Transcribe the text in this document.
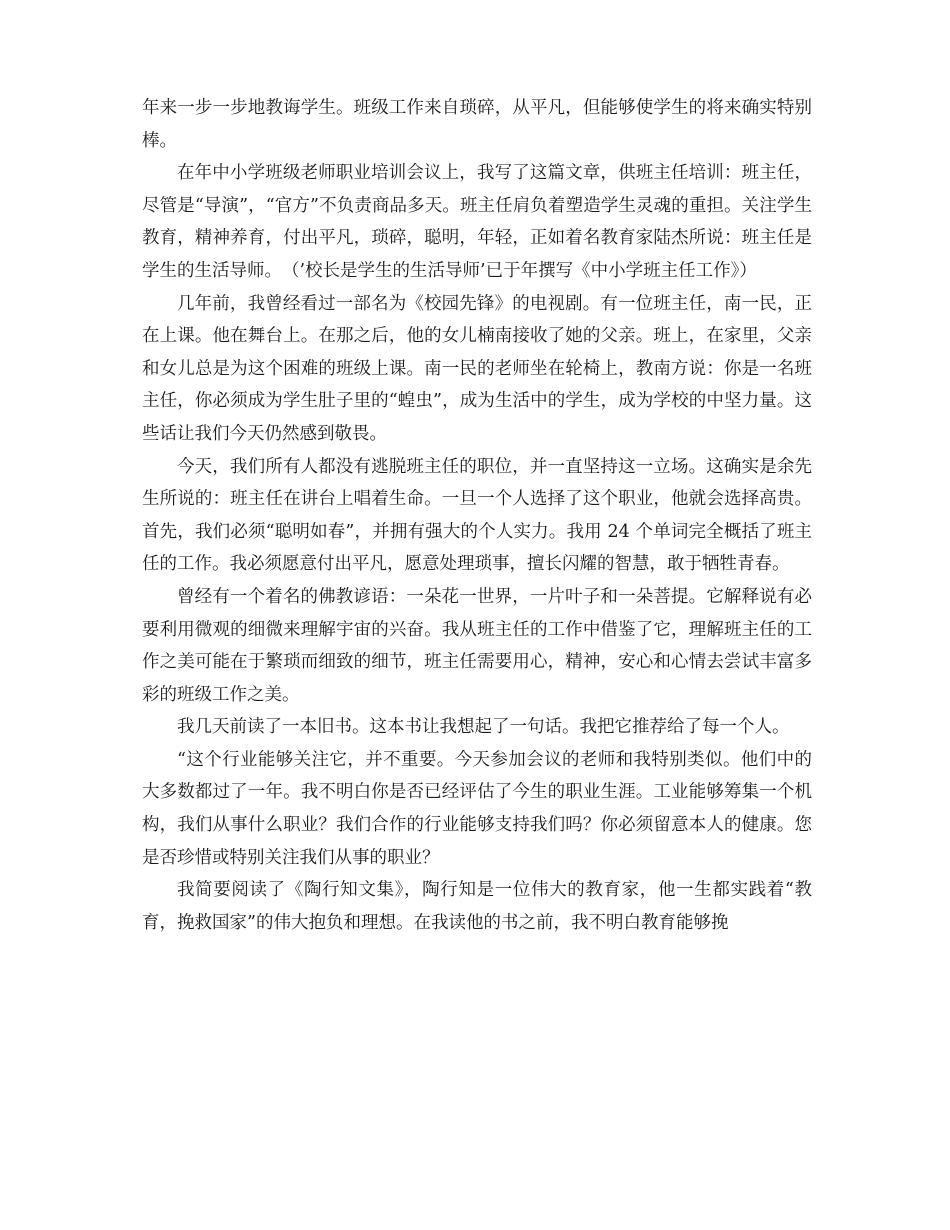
年来一步一步地教诲学生。班级工作来自琐碎，从平凡，但能够使学生的将来确实特别棒。

在年中小学班级老师职业培训会议上，我写了这篇文章，供班主任培训：班主任，尽管是“导演”，“官方”不负责商品多天。班主任肩负着塑造学生灵魂的重担。关注学生教育，精神养育，付出平凡，琐碎，聪明，年轻，正如着名教育家陆杰所说：班主任是学生的生活导师。　（’校长是学生的生活导师’已于年撰写《中小学班主任工作》）

几年前，我曾经看过一部名为《校园先锋》的电视剧。有一位班主任，南一民，正在上课。他在舞台上。在那之后，他的女儿楠南接收了她的父亲。班上，在家里，父亲和女儿总是为这个困难的班级上课。南一民的老师坐在轮椅上，教南方说：你是一名班主任，你必须成为学生肚子里的“蝗虫”，成为生活中的学生，成为学校的中坚力量。这些话让我们今天仍然感到敬畏。

今天，我们所有人都没有逃脱班主任的职位，并一直坚持这一立场。这确实是余先生所说的：班主任在讲台上唱着生命。一旦一个人选择了这个职业，他就会选择高贵。首先，我们必须“聪明如春”，并拥有强大的个人实力。我用 24 个单词完全概括了班主任的工作。我必须愿意付出平凡，愿意处理琐事，擅长闪耀的智慧，敢于牺牲青春。

曾经有一个着名的佛教谚语：一朵花一世界，一片叶子和一朵菩提。它解释说有必要利用微观的细微来理解宇宙的兴奋。我从班主任的工作中借鉴了它，理解班主任的工作之美可能在于繁琐而细致的细节，班主任需要用心，精神，安心和心情去尝试丰富多彩的班级工作之美。

我几天前读了一本旧书。这本书让我想起了一句话。我把它推荐给了每一个人。

“这个行业能够关注它，并不重要。今天参加会议的老师和我特别类似。他们中的大多数都过了一年。我不明白你是否已经评估了今生的职业生涯。工业能够筹集一个机构，我们从事什么职业？我们合作的行业能够支持我们吗？你必须留意本人的健康。您是否珍惜或特别关注我们从事的职业？

我简要阅读了《陶行知文集》，陶行知是一位伟大的教育家，他一生都实践着“教育，挽救国家”的伟大抱负和理想。在我读他的书之前，我不明白教育能够挽
